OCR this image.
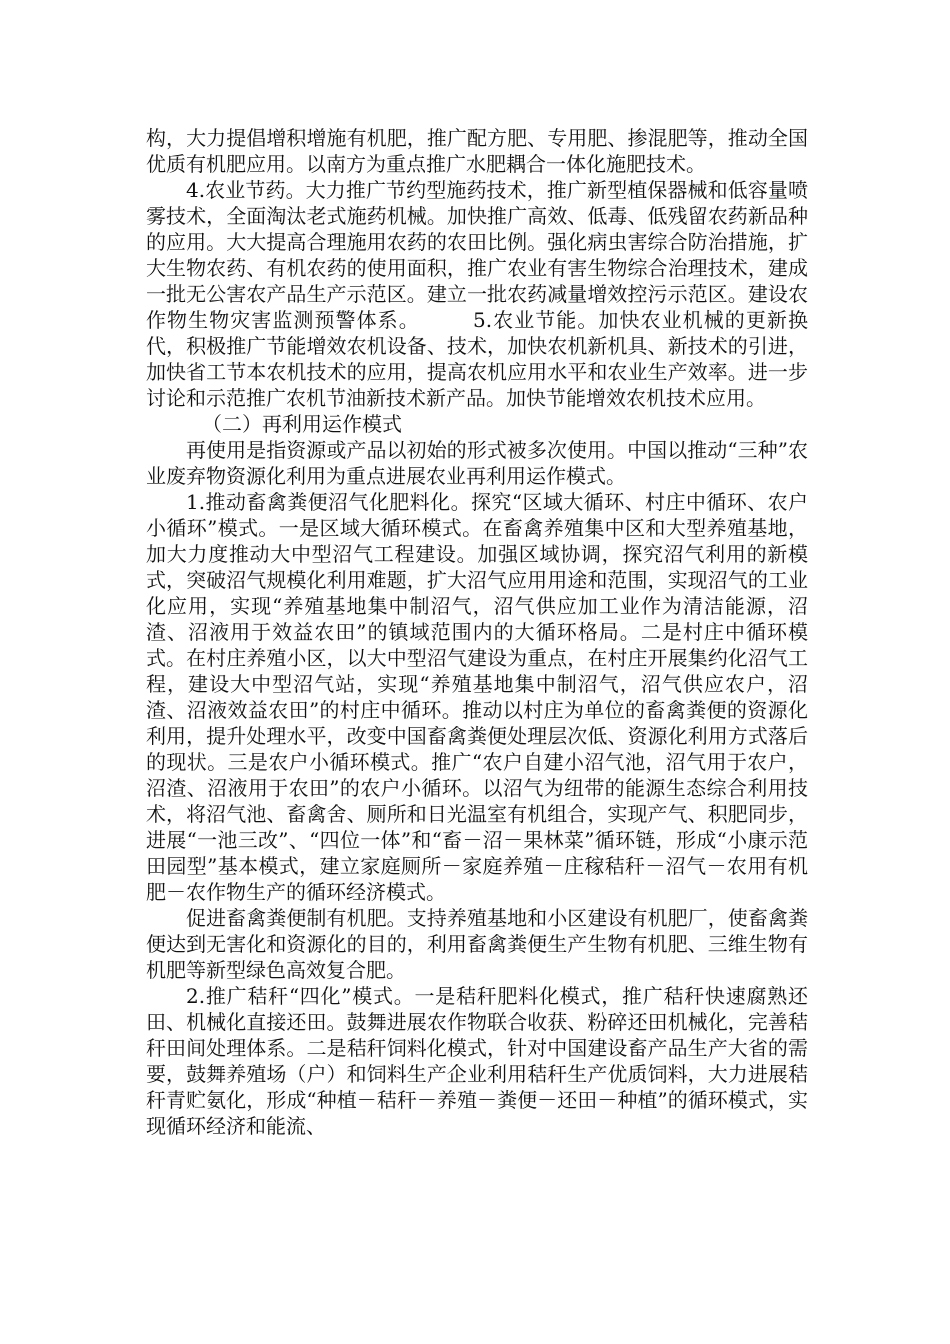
构，大力提倡增积增施有机肥，推广配方肥、专用肥、掺混肥等，推动全国优质有机肥应用。以南方为重点推广水肥耦合一体化施肥技术。

4.农业节药。大力推广节约型施药技术，推广新型植保器械和低容量喷雾技术，全面淘汰老式施药机械。加快推广高效、低毒、低残留农药新品种的应用。大大提高合理施用农药的农田比例。强化病虫害综合防治措施，扩大生物农药、有机农药的使用面积，推广农业有害生物综合治理技术，建成一批无公害农产品生产示范区。建立一批农药减量增效控污示范区。建设农作物生物灾害监测预警体系。　　　5.农业节能。加快农业机械的更新换代，积极推广节能增效农机设备、技术，加快农机新机具、新技术的引进，加快省工节本农机技术的应用，提高农机应用水平和农业生产效率。进一步讨论和示范推广农机节油新技术新产品。加快节能增效农机技术应用。

（二）再利用运作模式

再使用是指资源或产品以初始的形式被多次使用。中国以推动“三种”农业废弃物资源化利用为重点进展农业再利用运作模式。

1.推动畜禽粪便沼气化肥料化。探究“区域大循环、村庄中循环、农户小循环”模式。一是区域大循环模式。在畜禽养殖集中区和大型养殖基地，加大力度推动大中型沼气工程建设。加强区域协调，探究沼气利用的新模式，突破沼气规模化利用难题，扩大沼气应用用途和范围，实现沼气的工业化应用，实现“养殖基地集中制沼气，沼气供应加工业作为清洁能源，沼渣、沼液用于效益农田”的镇域范围内的大循环格局。二是村庄中循环模式。在村庄养殖小区，以大中型沼气建设为重点，在村庄开展集约化沼气工程，建设大中型沼气站，实现“养殖基地集中制沼气，沼气供应农户，沼渣、沼液效益农田”的村庄中循环。推动以村庄为单位的畜禽粪便的资源化利用，提升处理水平，改变中国畜禽粪便处理层次低、资源化利用方式落后的现状。三是农户小循环模式。推广“农户自建小沼气池，沼气用于农户，沼渣、沼液用于农田”的农户小循环。以沼气为纽带的能源生态综合利用技术，将沼气池、畜禽舍、厕所和日光温室有机组合，实现产气、积肥同步，进展“一池三改”、“四位一体”和“畜－沼－果林菜”循环链，形成“小康示范田园型”基本模式，建立家庭厕所－家庭养殖－庄稼秸秆－沼气－农用有机肥－农作物生产的循环经济模式。

促进畜禽粪便制有机肥。支持养殖基地和小区建设有机肥厂，使畜禽粪便达到无害化和资源化的目的，利用畜禽粪便生产生物有机肥、三维生物有机肥等新型绿色高效复合肥。

2.推广秸秆“四化”模式。一是秸秆肥料化模式，推广秸秆快速腐熟还田、机械化直接还田。鼓舞进展农作物联合收获、粉碎还田机械化，完善秸秆田间处理体系。二是秸秆饲料化模式，针对中国建设畜产品生产大省的需要，鼓舞养殖场（户）和饲料生产企业利用秸秆生产优质饲料，大力进展秸秆青贮氨化，形成“种植－秸秆－养殖－粪便－还田－种植”的循环模式，实现循环经济和能流、
